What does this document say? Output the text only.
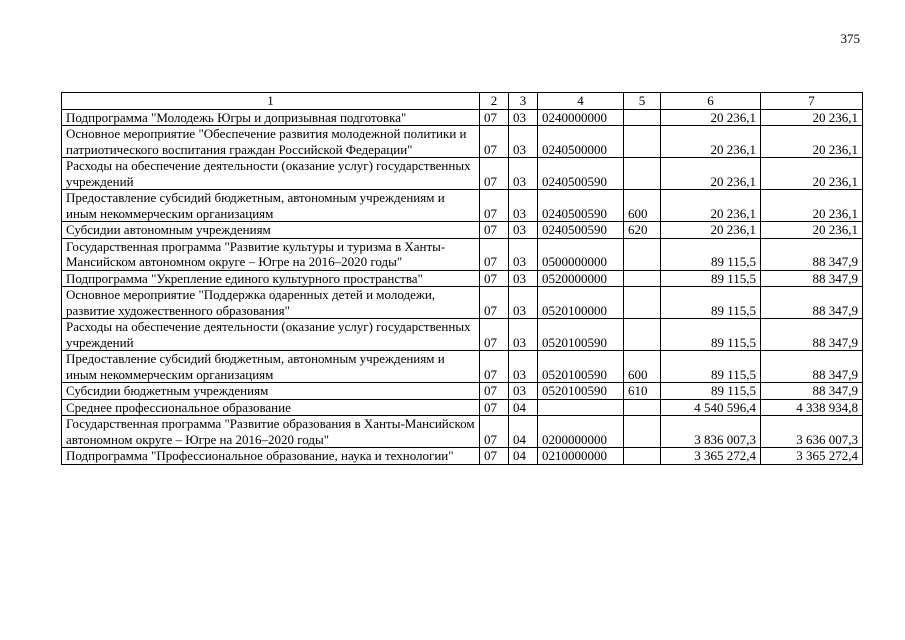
375
1	2	3	4	5	6	7
Подпрограмма "Молодежь Югры и допризывная подготовка"	07	03	0240000000		20 236,1	20 236,1
Основное мероприятие "Обеспечение развития молодежной политики и патриотического воспитания граждан Российской Федерации"	07	03	0240500000		20 236,1	20 236,1
Расходы на обеспечение деятельности (оказание услуг) государственных учреждений	07	03	0240500590		20 236,1	20 236,1
Предоставление субсидий бюджетным, автономным учреждениям и иным некоммерческим организациям	07	03	0240500590	600	20 236,1	20 236,1
Субсидии автономным учреждениям	07	03	0240500590	620	20 236,1	20 236,1
Государственная программа "Развитие культуры и туризма в Ханты-Мансийском автономном округе – Югре на 2016–2020 годы"	07	03	0500000000		89 115,5	88 347,9
Подпрограмма "Укрепление единого культурного пространства"	07	03	0520000000		89 115,5	88 347,9
Основное мероприятие "Поддержка одаренных детей и молодежи, развитие художественного образования"	07	03	0520100000		89 115,5	88 347,9
Расходы на обеспечение деятельности (оказание услуг) государственных учреждений	07	03	0520100590		89 115,5	88 347,9
Предоставление субсидий бюджетным, автономным учреждениям и иным некоммерческим организациям	07	03	0520100590	600	89 115,5	88 347,9
Субсидии бюджетным учреждениям	07	03	0520100590	610	89 115,5	88 347,9
Среднее профессиональное образование	07	04			4 540 596,4	4 338 934,8
Государственная программа "Развитие образования в Ханты-Мансийском автономном округе – Югре на 2016–2020 годы"	07	04	0200000000		3 836 007,3	3 636 007,3
Подпрограмма "Профессиональное образование, наука и технологии"	07	04	0210000000		3 365 272,4	3 365 272,4
